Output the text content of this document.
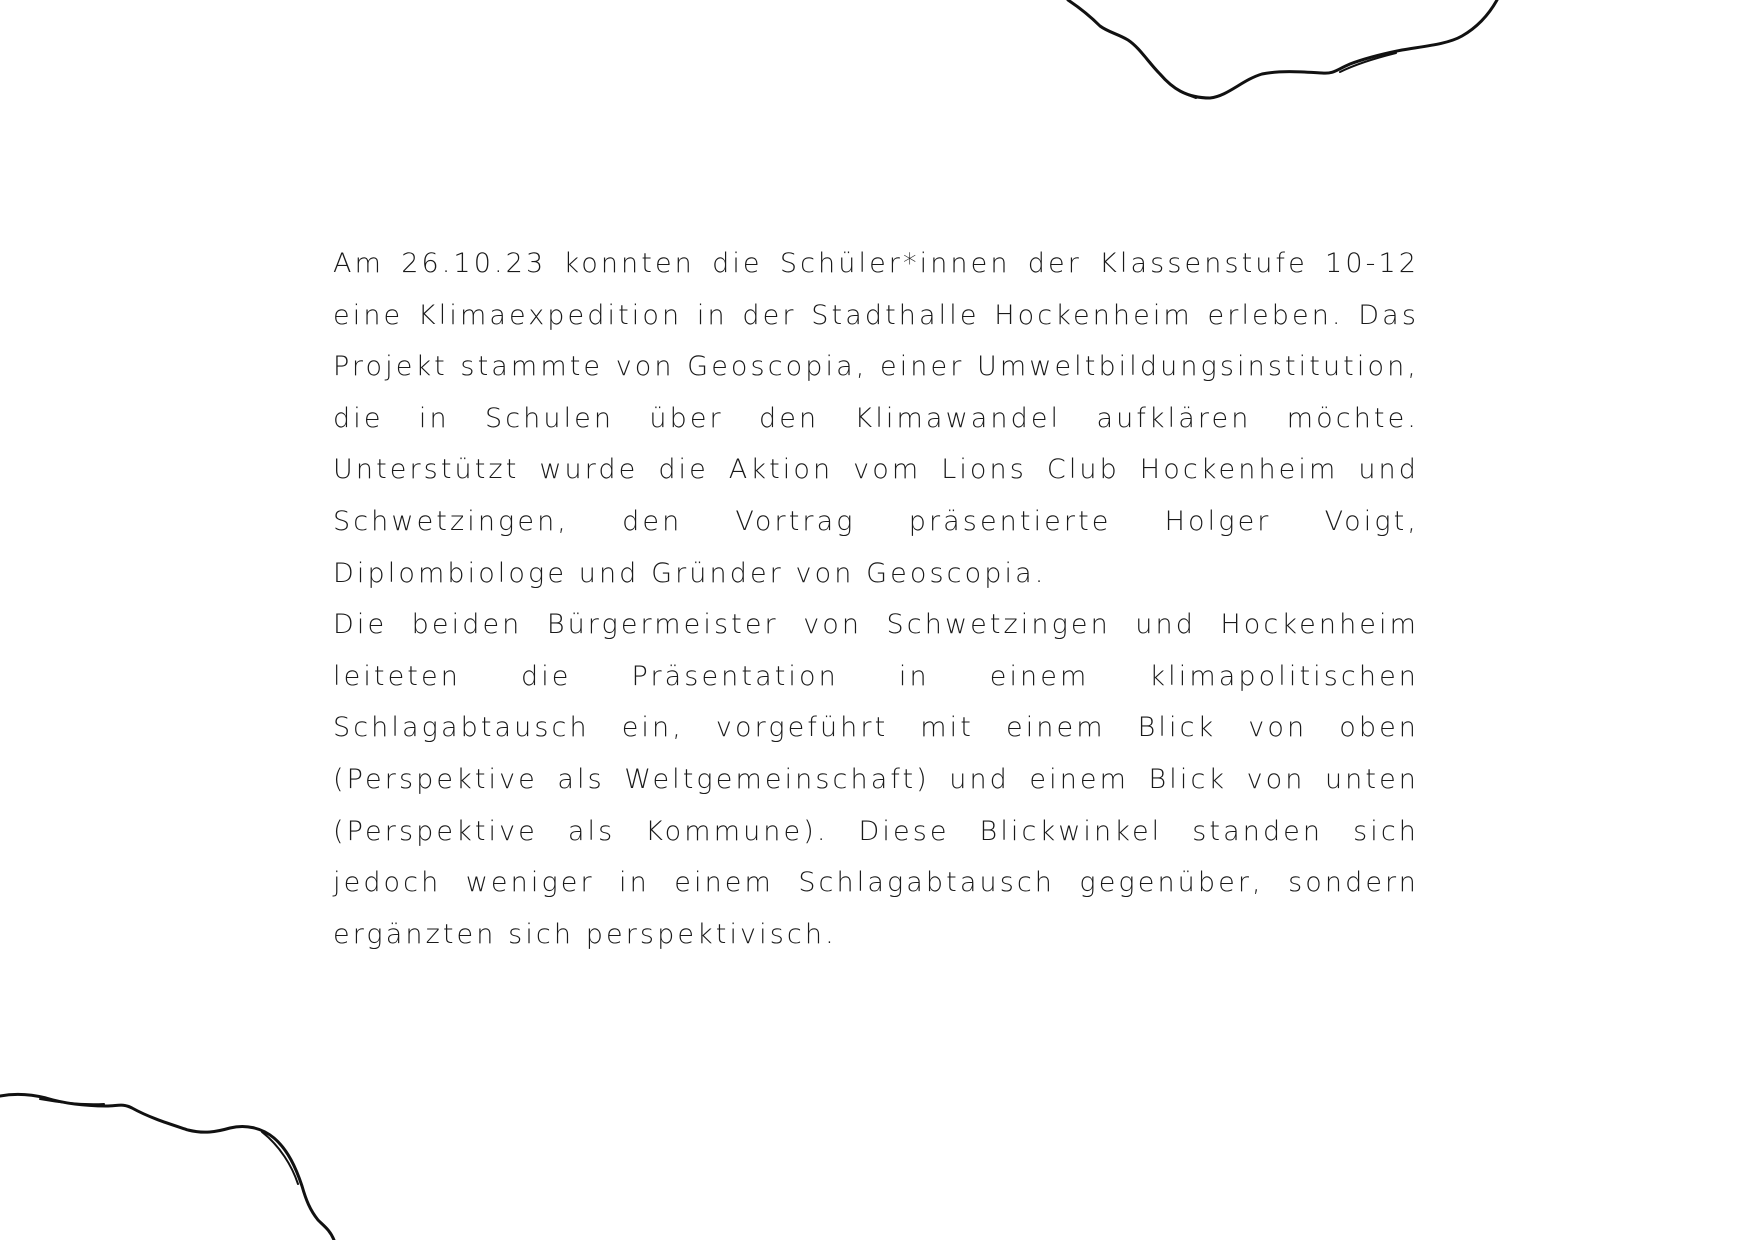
Am 26.10.23 konnten die Schüler*innen der Klassenstufe 10-12 eine Klimaexpedition in der Stadthalle Hockenheim erleben. Das Projekt stammte von Geoscopia, einer Umweltbildungsinstitution, die in Schulen über den Klimawandel aufklären möchte. Unterstützt wurde die Aktion vom Lions Club Hockenheim und Schwetzingen, den Vortrag präsentierte Holger Voigt, Diplombiologe und Gründer von Geoscopia.

Die beiden Bürgermeister von Schwetzingen und Hockenheim leiteten die Präsentation in einem klimapolitischen Schlagabtausch ein, vorgeführt mit einem Blick von oben (Perspektive als Weltgemeinschaft) und einem Blick von unten (Perspektive als Kommune). Diese Blickwinkel standen sich jedoch weniger in einem Schlagabtausch gegenüber, sondern ergänzten sich perspektivisch.
